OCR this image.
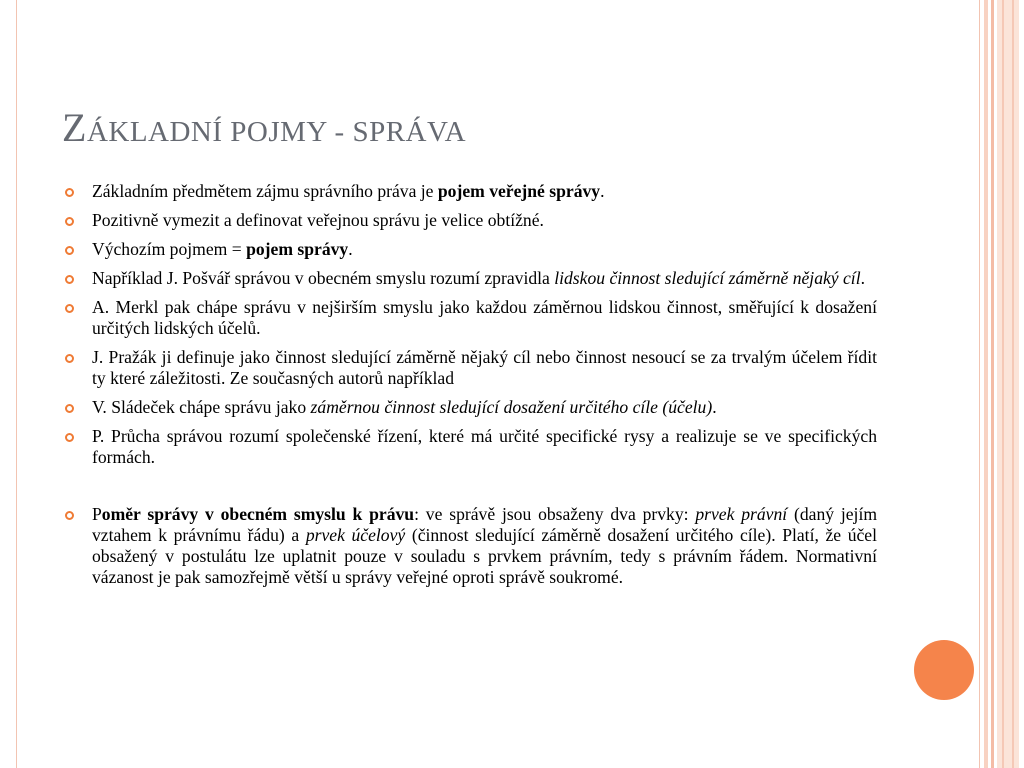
ZÁKLADNÍ POJMY - SPRÁVA

Základním předmětem zájmu správního práva je pojem veřejné správy.

Pozitivně vymezit a definovat veřejnou správu je velice obtížné.

Výchozím pojmem = pojem správy.

Například J. Pošvář správou v obecném smyslu rozumí zpravidla lidskou činnost sledující záměrně nějaký cíl.

A. Merkl pak chápe správu v nejširším smyslu jako každou záměrnou lidskou činnost, směřující k dosažení určitých lidských účelů.

J. Pražák ji definuje jako činnost sledující záměrně nějaký cíl nebo činnost nesoucí se za trvalým účelem řídit ty které záležitosti. Ze současných autorů například

V. Sládeček chápe správu jako záměrnou činnost sledující dosažení určitého cíle (účelu).

P. Průcha správou rozumí společenské řízení, které má určité specifické rysy a realizuje se ve specifických formách.

Poměr správy v obecném smyslu k právu: ve správě jsou obsaženy dva prvky: prvek právní (daný jejím vztahem k právnímu řádu) a prvek účelový (činnost sledující záměrně dosažení určitého cíle). Platí, že účel obsažený v postulátu lze uplatnit pouze v souladu s prvkem právním, tedy s právním řádem. Normativní vázanost je pak samozřejmě větší u správy veřejné oproti správě soukromé.
